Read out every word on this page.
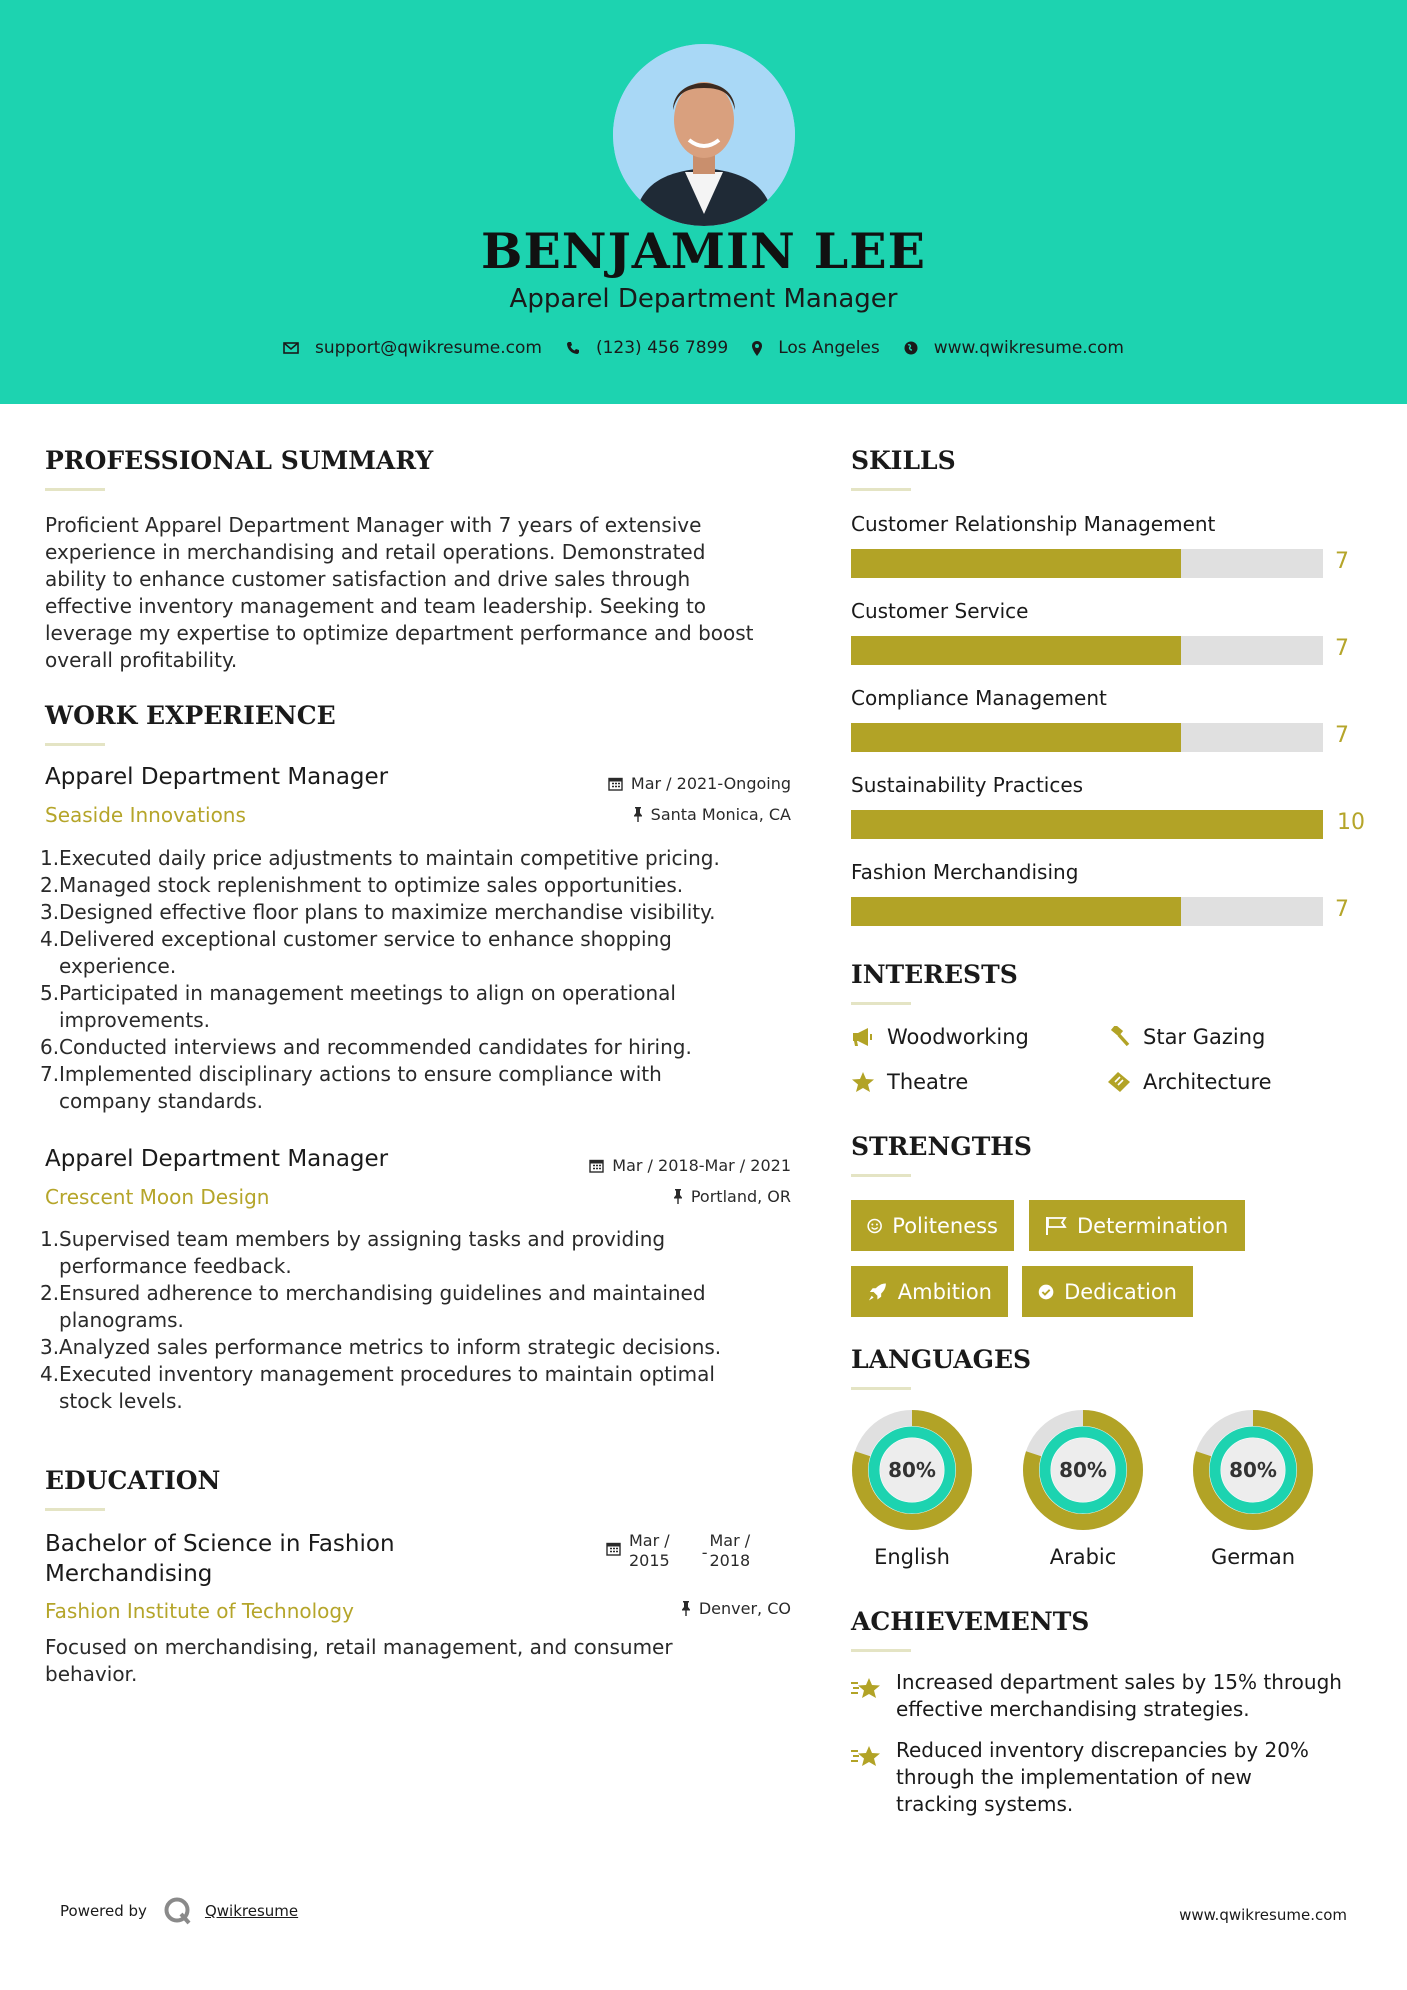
BENJAMIN LEE
Apparel Department Manager
support@qwikresume.com	(123) 456 7899	Los Angeles	www.qwikresume.com
PROFESSIONAL SUMMARY
Proficient Apparel Department Manager with 7 years of extensive
experience in merchandising and retail operations. Demonstrated
ability to enhance customer satisfaction and drive sales through
effective inventory management and team leadership. Seeking to
leverage my expertise to optimize department performance and boost
overall profitability.
WORK EXPERIENCE
Apparel Department Manager	Mar / 2021-Ongoing
Seaside Innovations	Santa Monica, CA
1. Executed daily price adjustments to maintain competitive pricing.
2. Managed stock replenishment to optimize sales opportunities.
3. Designed effective floor plans to maximize merchandise visibility.
4. Delivered exceptional customer service to enhance shopping
experience.
5. Participated in management meetings to align on operational
improvements.
6. Conducted interviews and recommended candidates for hiring.
7. Implemented disciplinary actions to ensure compliance with
company standards.
Apparel Department Manager	Mar / 2018-Mar / 2021
Crescent Moon Design	Portland, OR
1. Supervised team members by assigning tasks and providing
performance feedback.
2. Ensured adherence to merchandising guidelines and maintained
planograms.
3. Analyzed sales performance metrics to inform strategic decisions.
4. Executed inventory management procedures to maintain optimal
stock levels.
EDUCATION
Bachelor of Science in Fashion
Merchandising
Mar /
2015 -
Mar /
2018
Fashion Institute of Technology	Denver, CO
Focused on merchandising, retail management, and consumer
behavior.
SKILLS
Customer Relationship Management
7
Customer Service
7
Compliance Management
7
Sustainability Practices
10
Fashion Merchandising
7
INTERESTS
Woodworking	Star Gazing
Theatre	Architecture
STRENGTHS
Politeness	Determination
Ambition	Dedication
LANGUAGES
80%
English
80%
Arabic
80%
German
ACHIEVEMENTS
Increased department sales by 15% through
effective merchandising strategies.
Reduced inventory discrepancies by 20%
through the implementation of new
tracking systems.
Powered by	Qwikresume	www.qwikresume.com
